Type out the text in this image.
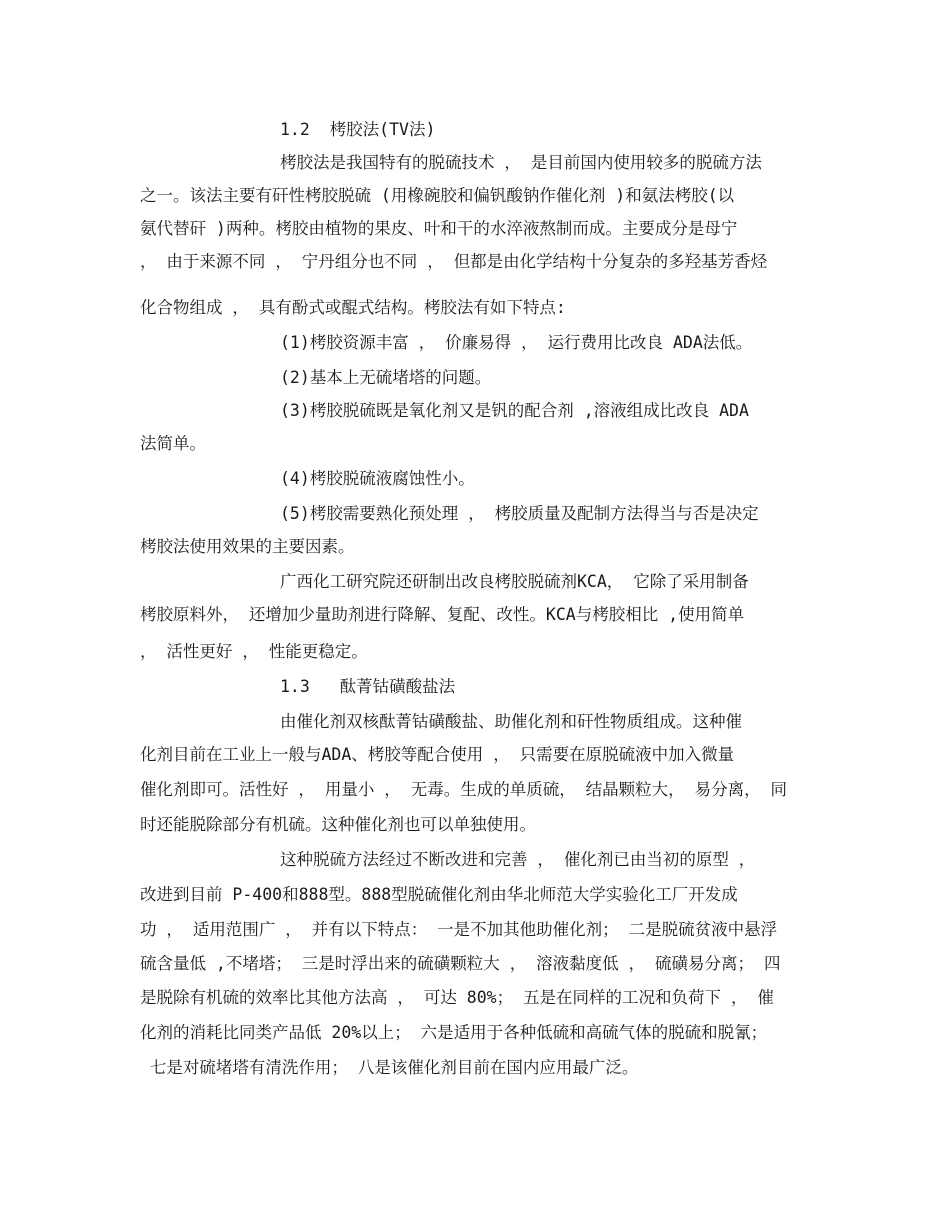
1.2  栲胶法(TV法)
栲胶法是我国特有的脱硫技术 ， 是目前国内使用较多的脱硫方法
之一。该法主要有矸性栲胶脱硫 (用橡碗胶和偏钒酸钠作催化剂 )和氨法栲胶(以
氨代替矸 )两种。栲胶由植物的果皮、叶和干的水淬液熬制而成。主要成分是母宁
， 由于来源不同 ， 宁丹组分也不同 ， 但都是由化学结构十分复杂的多羟基芳香烃
化合物组成 ， 具有酚式或醌式结构。栲胶法有如下特点:
(1)栲胶资源丰富 ， 价廉易得 ， 运行费用比改良 ADA法低。
(2)基本上无硫堵塔的问题。
(3)栲胶脱硫既是氧化剂又是钒的配合剂 ,溶液组成比改良 ADA
法简单。
(4)栲胶脱硫液腐蚀性小。
(5)栲胶需要熟化预处理 ， 栲胶质量及配制方法得当与否是决定
栲胶法使用效果的主要因素。
广西化工研究院还研制出改良栲胶脱硫剂KCA， 它除了采用制备
栲胶原料外， 还增加少量助剂进行降解、复配、改性。KCA与栲胶相比 ,使用简单
， 活性更好 ， 性能更稳定。
1.3   酞菁钴磺酸盐法
由催化剂双核酞菁钴磺酸盐、助催化剂和矸性物质组成。这种催
化剂目前在工业上一般与ADA、栲胶等配合使用 ， 只需要在原脱硫液中加入微量
催化剂即可。活性好 ， 用量小 ， 无毒。生成的单质硫， 结晶颗粒大， 易分离， 同
时还能脱除部分有机硫。这种催化剂也可以单独使用。
这种脱硫方法经过不断改进和完善 ， 催化剂已由当初的原型 ，
改进到目前 P-400和888型。888型脱硫催化剂由华北师范大学实验化工厂开发成
功 ， 适用范围广 ， 并有以下特点： 一是不加其他助催化剂； 二是脱硫贫液中悬浮
硫含量低 ,不堵塔； 三是时浮出来的硫磺颗粒大 ， 溶液黏度低 ， 硫磺易分离； 四
是脱除有机硫的效率比其他方法高 ， 可达 80%； 五是在同样的工况和负荷下 ， 催
化剂的消耗比同类产品低 20%以上； 六是适用于各种低硫和高硫气体的脱硫和脱氰；
七是对硫堵塔有清洗作用； 八是该催化剂目前在国内应用最广泛。
